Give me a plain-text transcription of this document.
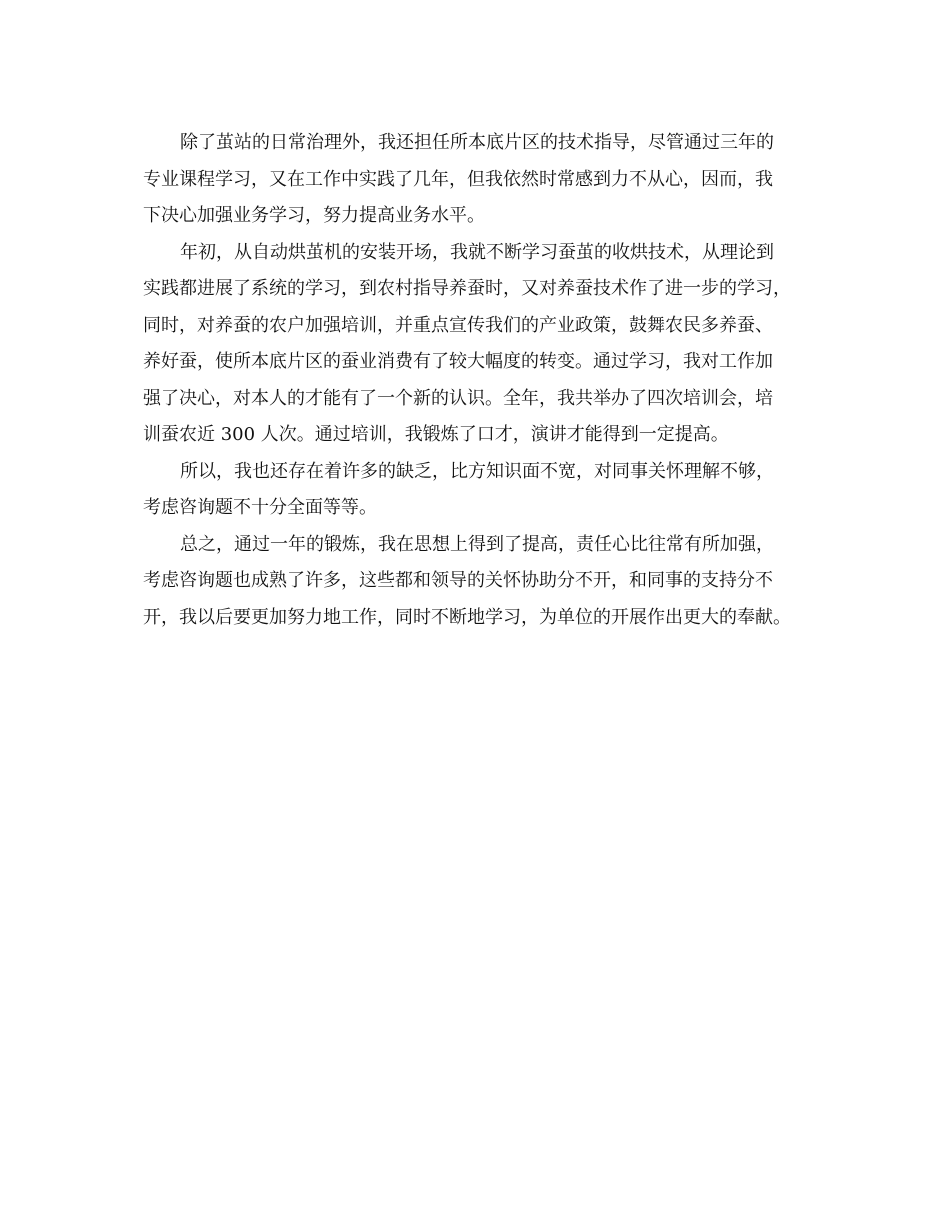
除了茧站的日常治理外，我还担任所本底片区的技术指导，尽管通过三年的
专业课程学习，又在工作中实践了几年，但我依然时常感到力不从心，因而，我
下决心加强业务学习，努力提高业务水平。
年初，从自动烘茧机的安装开场，我就不断学习蚕茧的收烘技术，从理论到
实践都进展了系统的学习，到农村指导养蚕时，又对养蚕技术作了进一步的学习，
同时，对养蚕的农户加强培训，并重点宣传我们的产业政策，鼓舞农民多养蚕、
养好蚕，使所本底片区的蚕业消费有了较大幅度的转变。通过学习，我对工作加
强了决心，对本人的才能有了一个新的认识。全年，我共举办了四次培训会，培
训蚕农近 300 人次。通过培训，我锻炼了口才，演讲才能得到一定提高。
所以，我也还存在着许多的缺乏，比方知识面不宽，对同事关怀理解不够，
考虑咨询题不十分全面等等。
总之，通过一年的锻炼，我在思想上得到了提高，责任心比往常有所加强，
考虑咨询题也成熟了许多，这些都和领导的关怀协助分不开，和同事的支持分不
开，我以后要更加努力地工作，同时不断地学习，为单位的开展作出更大的奉献。
